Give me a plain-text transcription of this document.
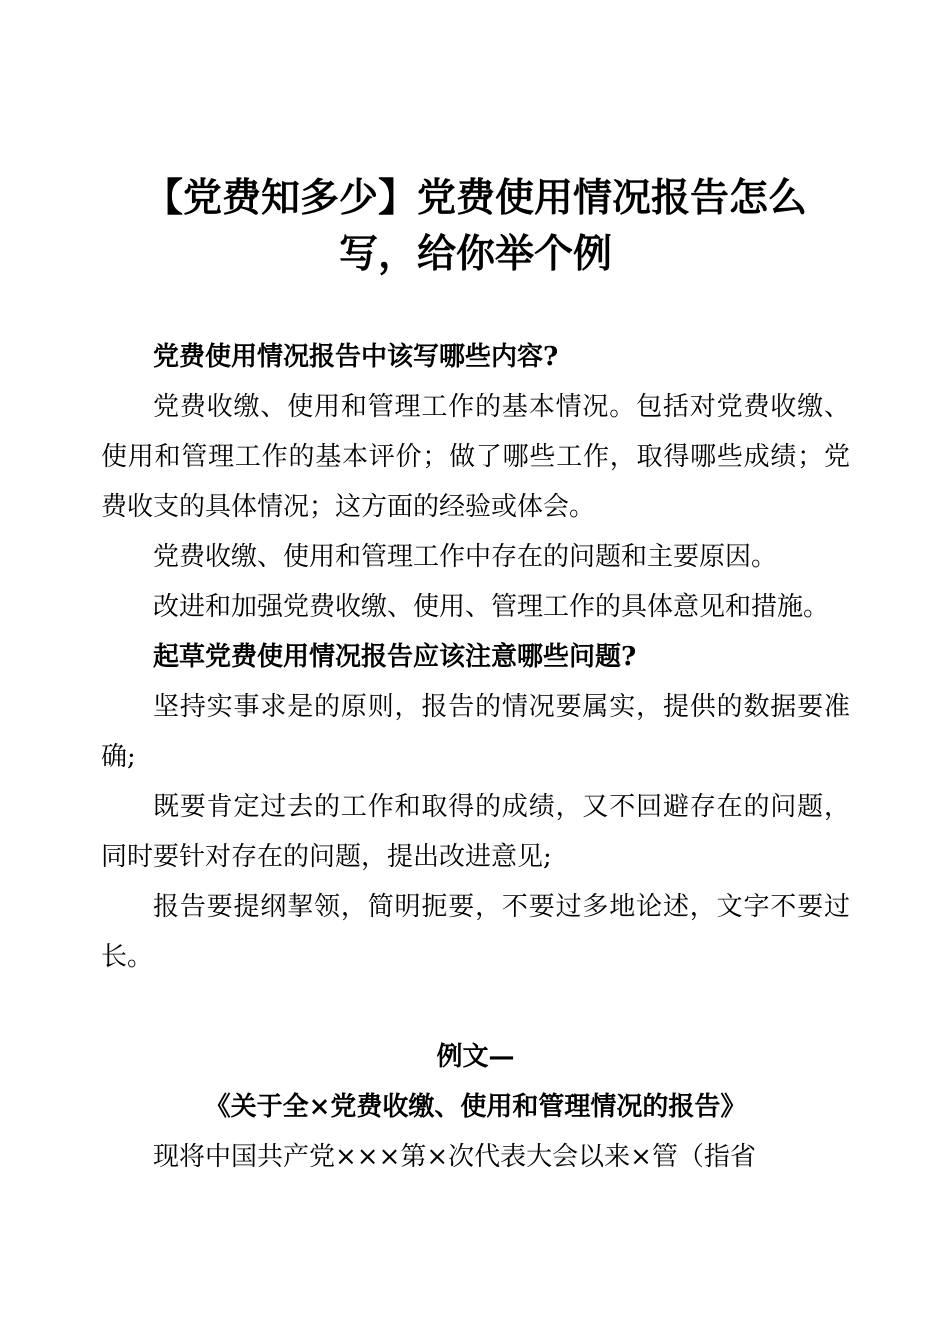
【党费知多少】党费使用情况报告怎么
写，给你举个例

党费使用情况报告中该写哪些内容?

党费收缴、使用和管理工作的基本情况。包括对党费收缴、使用和管理工作的基本评价；做了哪些工作，取得哪些成绩；党费收支的具体情况；这方面的经验或体会。

党费收缴、使用和管理工作中存在的问题和主要原因。

改进和加强党费收缴、使用、管理工作的具体意见和措施。

起草党费使用情况报告应该注意哪些问题?

坚持实事求是的原则，报告的情况要属实，提供的数据要准确;

既要肯定过去的工作和取得的成绩，又不回避存在的问题，同时要针对存在的问题，提出改进意见;

报告要提纲挈领，简明扼要，不要过多地论述，文字不要过长。

例文—

《关于全×党费收缴、使用和管理情况的报告》

现将中国共产党×××第×次代表大会以来×管（指省
